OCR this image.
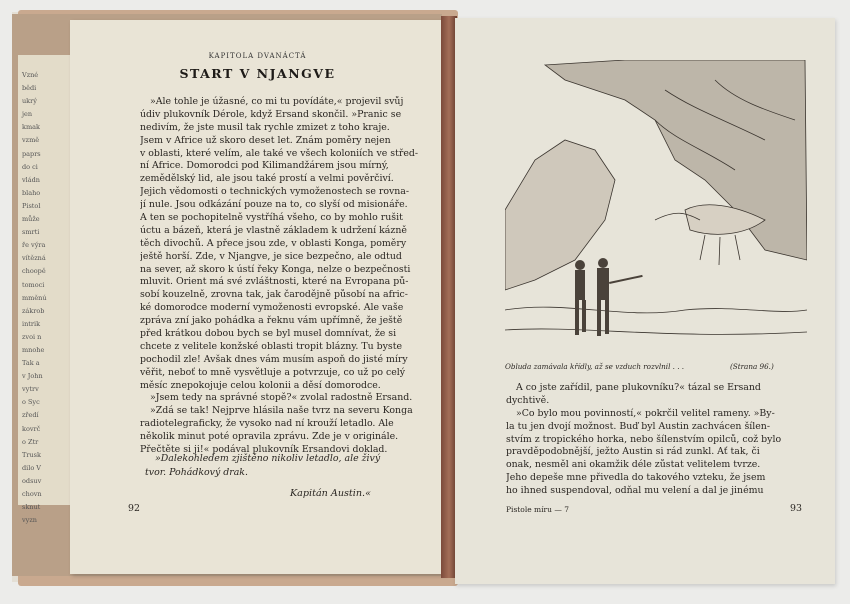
Vzné
bědi
ukrý
jen
kmak
vzmě
paprs
do ci
vládn
blaho
Pistol
může
smrti
ře výra
vítězná
choopě
tomoci
mměnú
zákrob
intrik
zvoi n
mnohe
Tak a
v John
vytrv
o Syc
zředí
kovrč
o Ztr
Trusk
dilo V
odsuv
chovn
sknut
vyzn
KAPITOLA DVANÁCTÁ
START V NJANGVE
»Ale tohle je úžasné, co mi tu povídáte,« projevil svůj
údiv plukovník Dérole, když Ersand skončil. »Pranic se
nedivím, že jste musil tak rychle zmizet z toho kraje.
Jsem v Africe už skoro deset let. Znám poměry nejen
v oblasti, které velím, ale také ve všech koloniích ve střed-
ní Africe. Domorodci pod Kilimandžárem jsou mírný,
zemědělský lid, ale jsou také prostí a velmi pověrčiví.
Jejich vědomosti o technických vymoženostech se rovna-
jí nule. Jsou odkázání pouze na to, co slyší od misionáře.
A ten se pochopitelně vystříhá všeho, co by mohlo rušit
úctu a bázeň, která je vlastně základem k udržení kázně
těch divochů. A přece jsou zde, v oblasti Konga, poměry
ještě horší. Zde, v Njangve, je sice bezpečno, ale odtud
na sever, až skoro k ústí řeky Konga, nelze o bezpečnosti
mluvit. Orient má své zvláštnosti, které na Evropana pů-
sobí kouzelně, zrovna tak, jak čarodějně působí na afric-
ké domorodce moderní vymoženosti evropské. Ale vaše
zpráva zní jako pohádka a řeknu vám upřímně, že ještě
před krátkou dobou bych se byl musel domnívat, že si
chcete z velitele konžské oblasti tropit blázny. Tu byste
pochodil zle! Avšak dnes vám musím aspoň do jisté míry
věřit, neboť to mně vysvětluje a potvrzuje, co už po celý
měsíc znepokojuje celou kolonii a děsí domorodce.
»Jsem tedy na správné stopě?« zvolal radostně Ersand.
»Zdá se tak! Nejprve hlásila naše tvrz na severu Konga
radiotelegraficky, že vysoko nad ní krouží letadlo. Ale
několik minut poté opravila zprávu. Zde je v originále.
Přečtěte si ji!« podával plukovník Ersandovi doklad.
»Dalekohledem zjištěno nikoliv letadlo, ale živý
tvor. Pohádkový drak.
Kapitán Austin.«
92
Obluda zamávala křídly, až se vzduch rozvlnil . . .	(Strana 96.)
A co jste zařídil, pane plukovníku?« tázal se Ersand
dychtivě.
»Co bylo mou povinností,« pokrčil velitel rameny. »By-
la tu jen dvojí možnost. Buď byl Austin zachvácen šílen-
stvím z tropického horka, nebo šílenstvím opilců, což bylo
pravděpodobnější, ježto Austin si rád zunkl. Ať tak, či
onak, nesměl ani okamžik déle zůstat velitelem tvrze.
Jeho depeše mne přivedla do takového vzteku, že jsem
ho ihned suspendoval, odňal mu velení a dal je jinému
Pistole míru — 7	93
